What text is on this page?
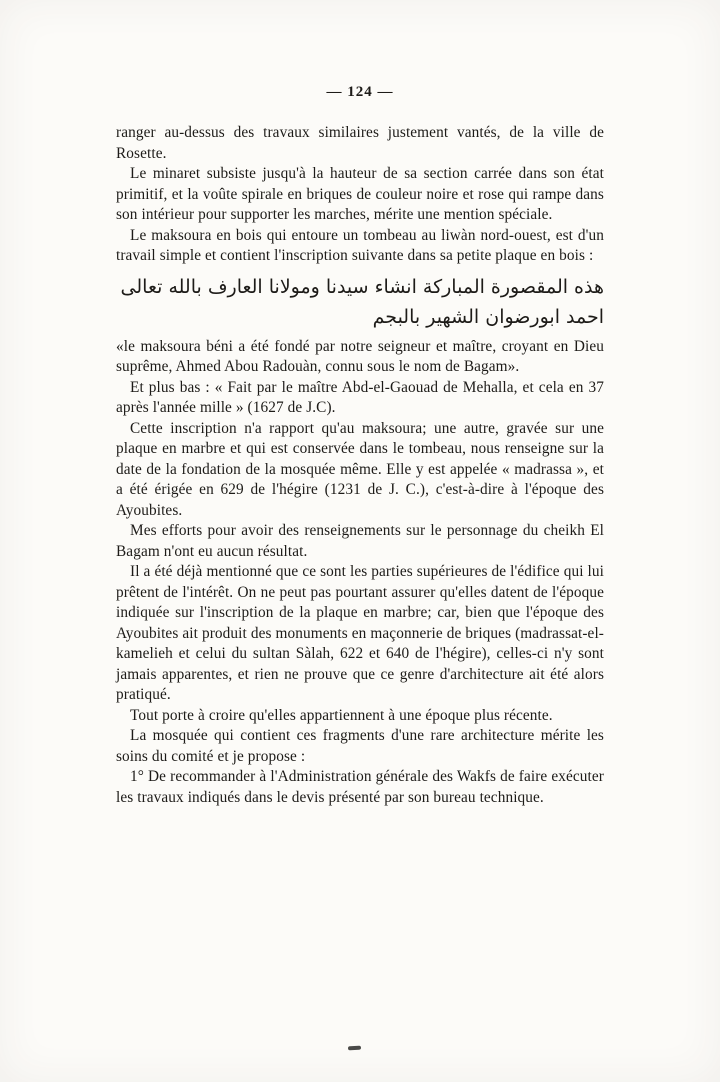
— 124 —

ranger au-dessus des travaux similaires justement vantés, de la ville de Rosette.

Le minaret subsiste jusqu'à la hauteur de sa section carrée dans son état primitif, et la voûte spirale en briques de couleur noire et rose qui rampe dans son intérieur pour supporter les marches, mérite une mention spéciale.

Le maksoura en bois qui entoure un tombeau au liwàn nord-ouest, est d'un travail simple et contient l'inscription suivante dans sa petite plaque en bois :

هذه المقصورة المباركة انشاء سيدنا ومولانا العارف بالله تعالى احمد ابورضوان الشهير بالبجم

«le maksoura béni a été fondé par notre seigneur et maître, croyant en Dieu suprême, Ahmed Abou Radouàn, connu sous le nom de Bagam».

Et plus bas : « Fait par le maître Abd-el-Gaouad de Mehalla, et cela en 37 après l'année mille » (1627 de J.C).

Cette inscription n'a rapport qu'au maksoura; une autre, gravée sur une plaque en marbre et qui est conservée dans le tombeau, nous renseigne sur la date de la fondation de la mosquée même. Elle y est appelée « madrassa », et a été érigée en 629 de l'hégire (1231 de J. C.), c'est-à-dire à l'époque des Ayoubites.

Mes efforts pour avoir des renseignements sur le personnage du cheikh El Bagam n'ont eu aucun résultat.

Il a été déjà mentionné que ce sont les parties supérieures de l'édifice qui lui prêtent de l'intérêt. On ne peut pas pourtant assurer qu'elles datent de l'époque indiquée sur l'inscription de la plaque en marbre; car, bien que l'époque des Ayoubites ait produit des monuments en maçonnerie de briques (madrassat-el-kamelieh et celui du sultan Sàlah, 622 et 640 de l'hégire), celles-ci n'y sont jamais apparentes, et rien ne prouve que ce genre d'architecture ait été alors pratiqué.

Tout porte à croire qu'elles appartiennent à une époque plus récente.

La mosquée qui contient ces fragments d'une rare architecture mérite les soins du comité et je propose :

1° De recommander à l'Administration générale des Wakfs de faire exécuter les travaux indiqués dans le devis présenté par son bureau technique.
